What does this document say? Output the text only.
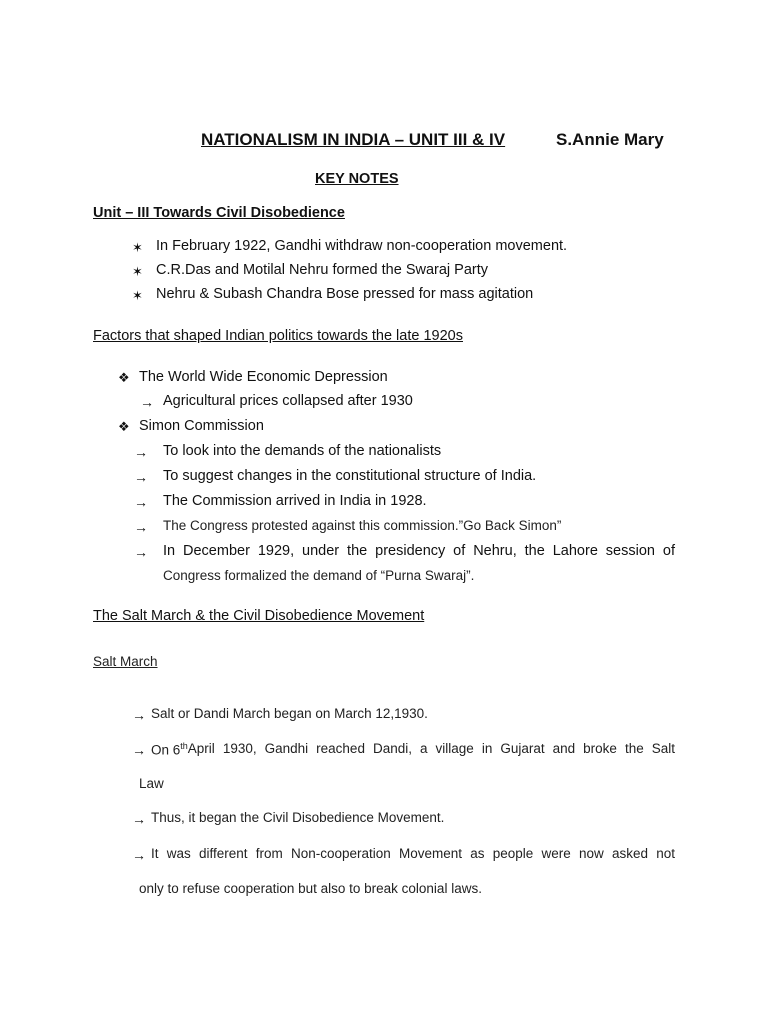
NATIONALISM IN INDIA – UNIT III & IV	S.Annie Mary
KEY NOTES
Unit – III Towards Civil Disobedience
✶ In February 1922, Gandhi withdraw non-cooperation movement.
✶ C.R.Das and Motilal Nehru formed the Swaraj Party
✶ Nehru & Subash Chandra Bose pressed for mass agitation
Factors that shaped Indian politics towards the late 1920s
❖ The World Wide Economic Depression
→ Agricultural prices collapsed after 1930
❖ Simon Commission
→ To look into the demands of the nationalists
→ To suggest changes in the constitutional structure of India.
→ The Commission arrived in India in 1928.
→ The Congress protested against this commission.”Go Back Simon”
→ In December 1929, under the presidency of Nehru, the Lahore session of
Congress formalized the demand of “Purna Swaraj”.
The Salt March & the Civil Disobedience Movement
Salt March
→ Salt or Dandi March began on March 12,1930.
→ On 6th April 1930, Gandhi reached Dandi, a village in Gujarat and broke the Salt
Law
→ Thus, it began the Civil Disobedience Movement.
→ It was different from Non-cooperation Movement as people were now asked not
only to refuse cooperation but also to break colonial laws.
